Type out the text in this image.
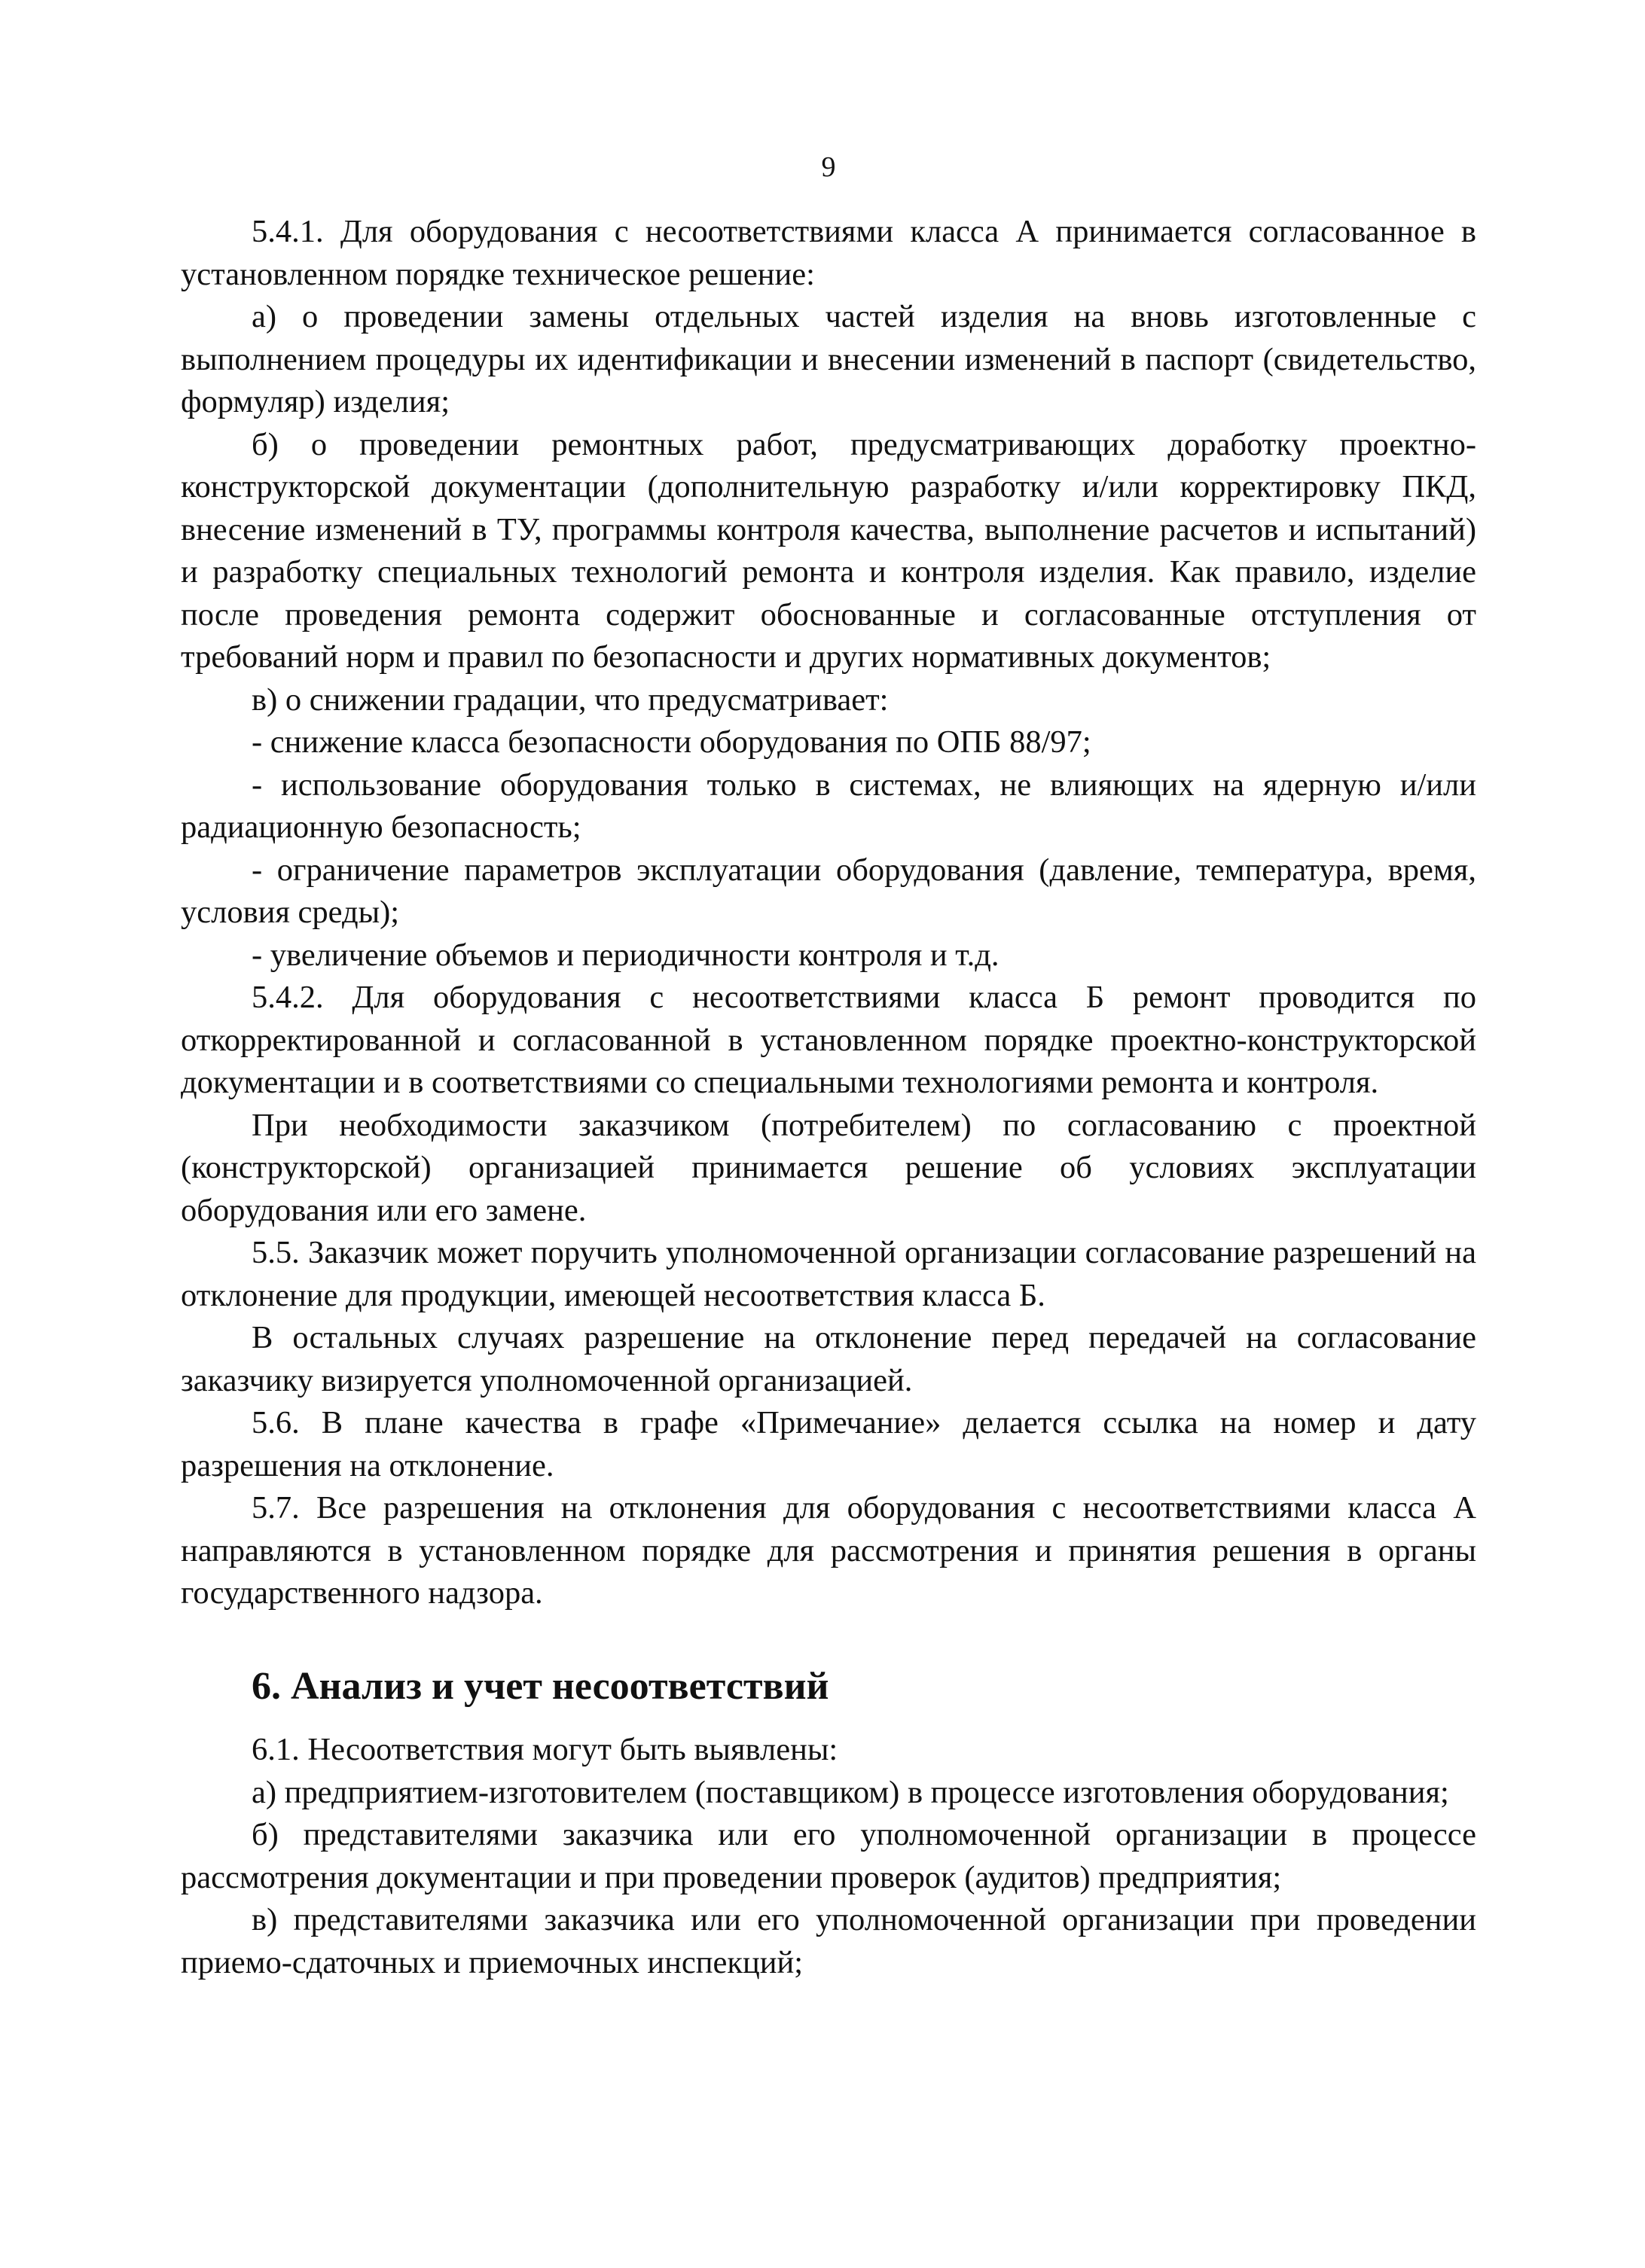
9

5.4.1. Для оборудования с несоответствиями класса А принимается согласованное в установленном порядке техническое решение:

а) о проведении замены отдельных частей изделия на вновь изготовленные с выполнением процедуры их идентификации и внесении изменений в паспорт (свидетельство, формуляр) изделия;

б) о проведении ремонтных работ, предусматривающих доработку проектно-конструкторской документации (дополнительную разработку и/или корректировку ПКД, внесение изменений в ТУ, программы контроля качества, выполнение расчетов и испытаний) и разработку специальных технологий ремонта и контроля изделия. Как правило, изделие после проведения ремонта содержит обоснованные и согласованные отступления от требований норм и правил по безопасности и других нормативных документов;

в) о снижении градации, что предусматривает:

- снижение класса безопасности оборудования по ОПБ 88/97;

- использование оборудования только в системах, не влияющих на ядерную и/или радиационную безопасность;

- ограничение параметров эксплуатации оборудования (давление, температура, время, условия среды);

- увеличение объемов и периодичности контроля и т.д.

5.4.2. Для оборудования с несоответствиями класса Б ремонт проводится по откорректированной и согласованной в установленном порядке проектно-конструкторской документации и в соответствиями со специальными технологиями ремонта и контроля.

При необходимости заказчиком (потребителем) по согласованию с проектной (конструкторской) организацией принимается решение об условиях эксплуатации оборудования или его замене.

5.5. Заказчик может поручить уполномоченной организации согласование разрешений на отклонение для продукции, имеющей несоответствия класса Б.

В остальных случаях разрешение на отклонение перед передачей на согласование заказчику визируется уполномоченной организацией.

5.6. В плане качества в графе «Примечание» делается ссылка на номер и дату разрешения на отклонение.

5.7. Все разрешения на отклонения для оборудования с несоответствиями класса А направляются в установленном порядке для рассмотрения и принятия решения в органы государственного надзора.

6. Анализ и учет несоответствий

6.1. Несоответствия могут быть выявлены:

а) предприятием-изготовителем (поставщиком) в процессе изготовления оборудования;

б) представителями заказчика или его уполномоченной организации в процессе рассмотрения документации и при проведении проверок (аудитов) предприятия;

в) представителями заказчика или его уполномоченной организации при проведении приемо-сдаточных и приемочных инспекций;
